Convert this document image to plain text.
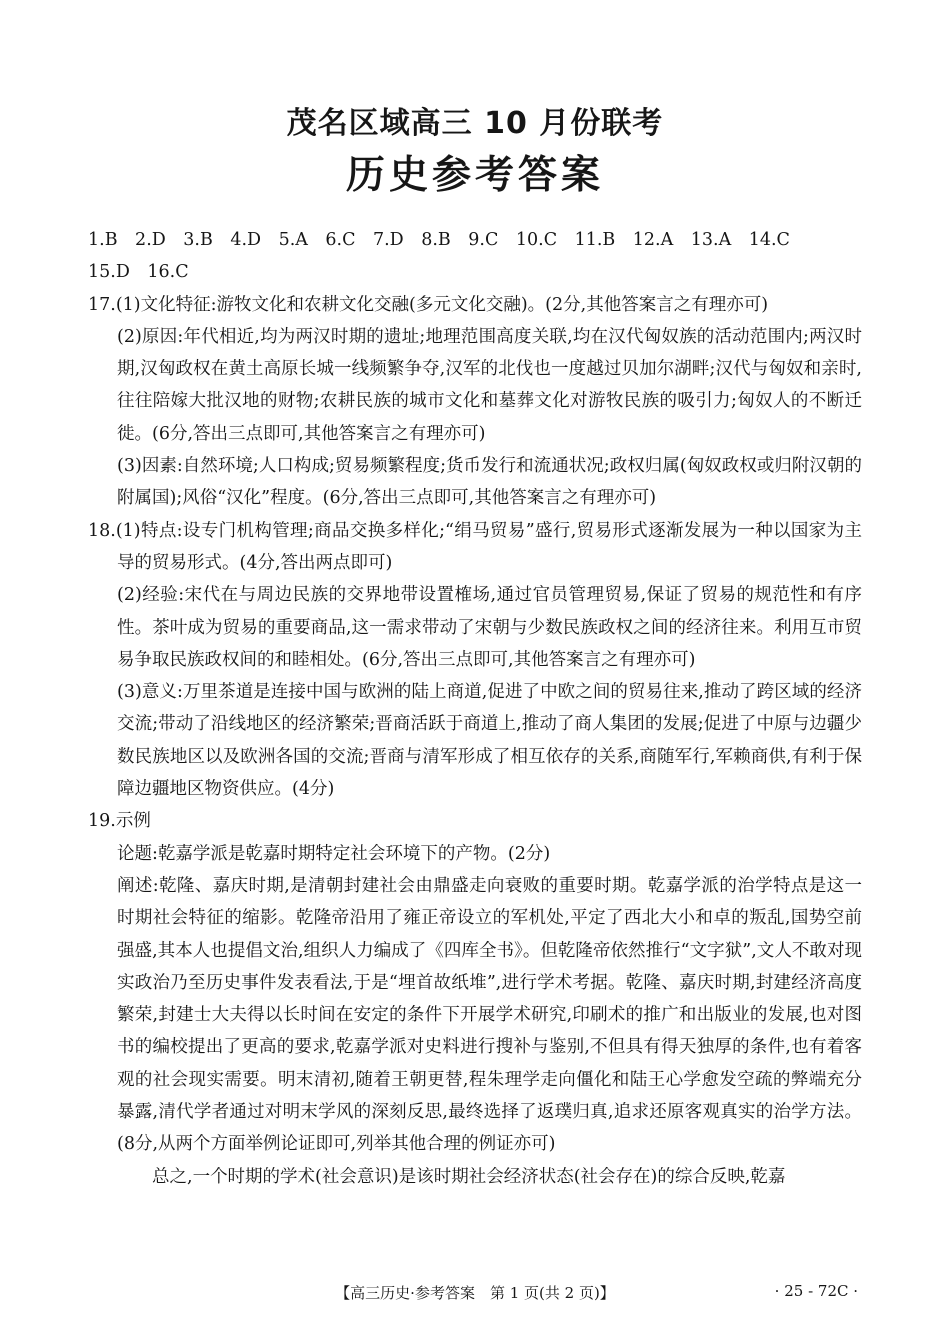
茂名区域高三 10 月份联考
历史参考答案

1.B　2.D　3.B　4.D　5.A　6.C　7.D　8.B　9.C　10.C　11.B　12.A　13.A　14.C

15.D　16.C

17.(1)文化特征:游牧文化和农耕文化交融(多元文化交融)。(2分,其他答案言之有理亦可)

(2)原因:年代相近,均为两汉时期的遗址;地理范围高度关联,均在汉代匈奴族的活动范围内;两汉时期,汉匈政权在黄土高原长城一线频繁争夺,汉军的北伐也一度越过贝加尔湖畔;汉代与匈奴和亲时,往往陪嫁大批汉地的财物;农耕民族的城市文化和墓葬文化对游牧民族的吸引力;匈奴人的不断迁徙。(6分,答出三点即可,其他答案言之有理亦可)

(3)因素:自然环境;人口构成;贸易频繁程度;货币发行和流通状况;政权归属(匈奴政权或归附汉朝的附属国);风俗“汉化”程度。(6分,答出三点即可,其他答案言之有理亦可)

18.(1)特点:设专门机构管理;商品交换多样化;“绢马贸易”盛行,贸易形式逐渐发展为一种以国家为主导的贸易形式。(4分,答出两点即可)

(2)经验:宋代在与周边民族的交界地带设置榷场,通过官员管理贸易,保证了贸易的规范性和有序性。茶叶成为贸易的重要商品,这一需求带动了宋朝与少数民族政权之间的经济往来。利用互市贸易争取民族政权间的和睦相处。(6分,答出三点即可,其他答案言之有理亦可)

(3)意义:万里茶道是连接中国与欧洲的陆上商道,促进了中欧之间的贸易往来,推动了跨区域的经济交流;带动了沿线地区的经济繁荣;晋商活跃于商道上,推动了商人集团的发展;促进了中原与边疆少数民族地区以及欧洲各国的交流;晋商与清军形成了相互依存的关系,商随军行,军赖商供,有利于保障边疆地区物资供应。(4分)

19.示例

论题:乾嘉学派是乾嘉时期特定社会环境下的产物。(2分)

阐述:乾隆、嘉庆时期,是清朝封建社会由鼎盛走向衰败的重要时期。乾嘉学派的治学特点是这一时期社会特征的缩影。乾隆帝沿用了雍正帝设立的军机处,平定了西北大小和卓的叛乱,国势空前强盛,其本人也提倡文治,组织人力编成了《四库全书》。但乾隆帝依然推行“文字狱”,文人不敢对现实政治乃至历史事件发表看法,于是“埋首故纸堆”,进行学术考据。乾隆、嘉庆时期,封建经济高度繁荣,封建士大夫得以长时间在安定的条件下开展学术研究,印刷术的推广和出版业的发展,也对图书的编校提出了更高的要求,乾嘉学派对史料进行搜补与鉴别,不但具有得天独厚的条件,也有着客观的社会现实需要。明末清初,随着王朝更替,程朱理学走向僵化和陆王心学愈发空疏的弊端充分暴露,清代学者通过对明末学风的深刻反思,最终选择了返璞归真,追求还原客观真实的治学方法。(8分,从两个方面举例论证即可,列举其他合理的例证亦可)

总之,一个时期的学术(社会意识)是该时期社会经济状态(社会存在)的综合反映,乾嘉

【高三历史·参考答案　第 1 页(共 2 页)】	· 25 - 72C ·
